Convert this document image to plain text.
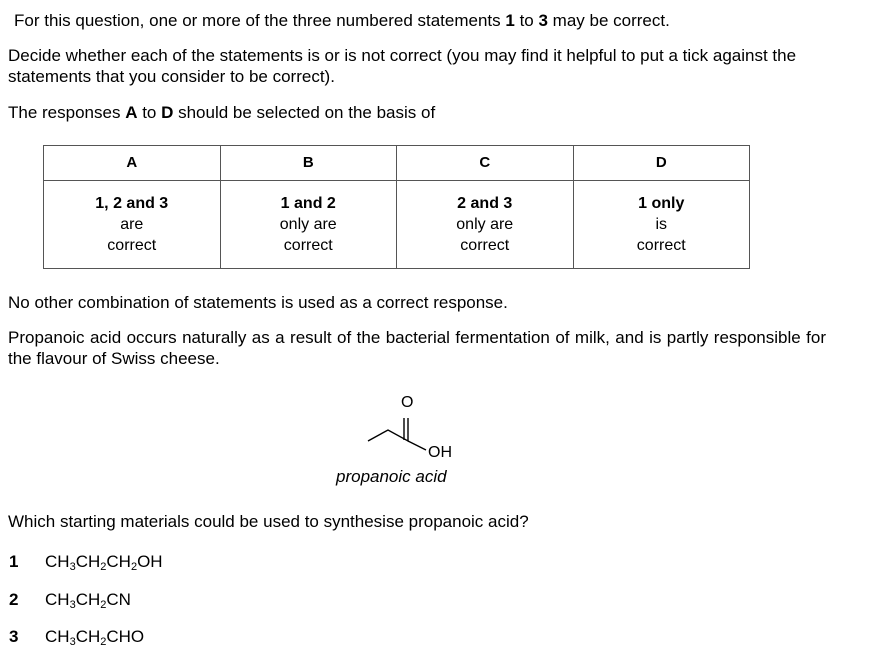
For this question, one or more of the three numbered statements 1 to 3 may be correct.

Decide whether each of the statements is or is not correct (you may find it helpful to put a tick against the statements that you consider to be correct).

The responses A to D should be selected on the basis of

A	B	C	D

1, 2 and 3
are
correct	1 and 2
only are
correct	2 and 3
only are
correct	1 only
is
correct

No other combination of statements is used as a correct response.

Propanoic acid occurs naturally as a result of the bacterial fermentation of milk, and is partly responsible for the flavour of Swiss cheese.

O
OH
propanoic acid

Which starting materials could be used to synthesise propanoic acid?

1 $CH_3CH_2CH_2OH$
2 $CH_3CH_2CN$
3 $CH_3CH_2CHO$
